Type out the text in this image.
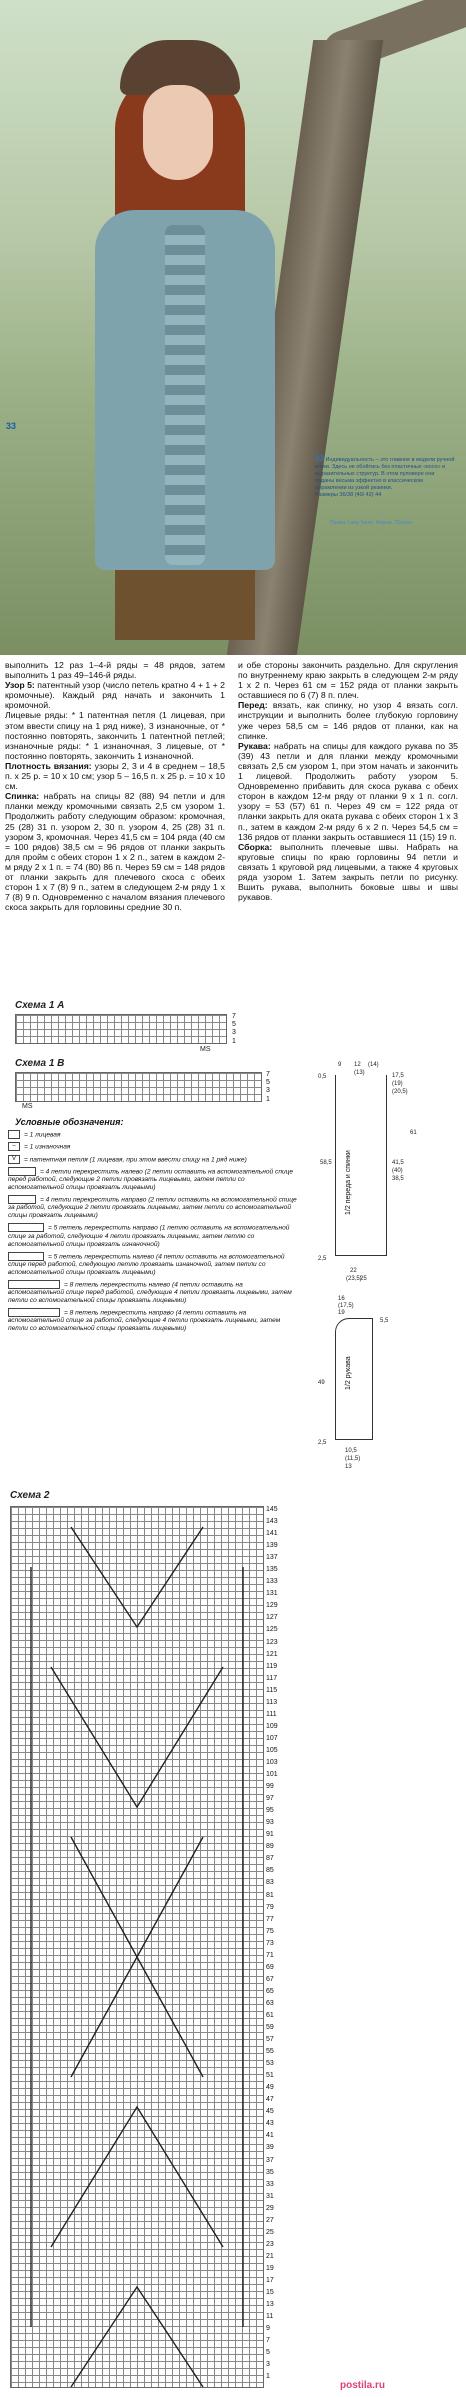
33
33 Индивидуальность – это главное в модели ручной вязки. Здесь не обойтись без пластичных «косо» и выразительных структур. В этом пуловере они поданы весьма эффектно в классическом обрамлении из узкой резинки.
Размеры 36/38 (40/ 42) 44
Пряжа: Lang Yarns. Фирма: 7Gross»

выполнить 12 раз 1–4-й ряды = 48 рядов, затем выполнить 1 раз 49–146-й ряды.

Узор 5: патентный узор (число петель кратно 4 + 1 + 2 кромочные). Каждый ряд начать и закончить 1 кромочной.

Лицевые ряды: * 1 патентная петля (1 лицевая, при этом ввести спицу на 1 ряд ниже), 3 изнаночные, от * постоянно повторять, закончить 1 патентной петлей; изнаночные ряды: * 1 изнаночная, 3 лицевые, от * постоянно повторять, закончить 1 изнаночной.

Плотность вязания: узоры 2, 3 и 4 в среднем – 18,5 п. х 25 р. = 10 х 10 см; узор 5 – 16,5 п. х 25 р. = 10 х 10 см.

Спинка: набрать на спицы 82 (88) 94 петли и для планки между кромочными связать 2,5 см узором 1. Продолжить работу следующим образом: кромочная, 25 (28) 31 п. узором 2, 30 п. узором 4, 25 (28) 31 п. узором 3, кромочная. Через 41,5 см = 104 ряда (40 см = 100 рядов) 38,5 см = 96 рядов от планки закрыть для пройм с обеих сторон 1 х 2 п., затем в каждом 2-м ряду 2 х 1 п. = 74 (80) 86 п. Через 59 см = 148 рядов от планки закрыть для плечевого скоса с обеих сторон 1 х 7 (8) 9 п., затем в следующем 2-м ряду 1 х 7 (8) 9 п. Одновременно с началом вязания плечевого скоса закрыть для горловины средние 30 п.

и обе стороны закончить раздельно. Для скругления по внутреннему краю закрыть в следующем 2-м ряду 1 х 2 п. Через 61 см = 152 ряда от планки закрыть оставшиеся по 6 (7) 8 п. плеч.

Перед: вязать, как спинку, но узор 4 вязать согл. инструкции и выполнить более глубокую горловину уже через 58,5 см = 146 рядов от планки, как на спинке.

Рукава: набрать на спицы для каждого рукава по 35 (39) 43 петли и для планки между кромочными связать 2,5 см узором 1, при этом начать и закончить 1 лицевой. Продолжить работу узором 5. Одновременно прибавить для скоса рукава с обеих сторон в каждом 12-м ряду от планки 9 х 1 п. согл. узору = 53 (57) 61 п. Через 49 см = 122 ряда от планки закрыть для оката рукава с обеих сторон 1 х 3 п., затем в каждом 2-м ряду 6 х 2 п. Через 54,5 см = 136 рядов от планки закрыть оставшиеся 11 (15) 19 п.

Сборка: выполнить плечевые швы. Набрать на круговые спицы по краю горловины 94 петли и связать 1 круговой ряд лицевыми, а также 4 круговых ряда узором 1. Затем закрыть петли по рисунку. Вшить рукава, выполнить боковые швы и швы рукавов.

Схема 1 A
7
5
3
1
MS
Схема 1 B
7
5
3
1
MS
Условные обозначения:
= 1 лицевая
– = 1 изнаночная
V = патентная петля (1 лицевая, при этом ввести спицу на 1 ряд ниже)
= 4 петли перекрестить налево (2 петли оставить на вспомогательной спице перед работой, следующие 2 петли провязать лицевыми, затем петли со вспомогательной спицы провязать лицевыми)
= 4 петли перекрестить направо (2 петли оставить на вспомогательной спице за работой, следующие 2 петли провязать лицевыми, затем петли со вспомогательной спицы провязать лицевыми)
= 5 петель перекрестить направо (1 петлю оставить на вспомогательной спице за работой, следующие 4 петли провязать лицевыми, затем петлю со вспомогательной спицы провязать изнаночной)
= 5 петель перекрестить налево (4 петли оставить на вспомогательной спице перед работой, следующую петлю провязать изнаночной, затем петли со вспомогательной спицы провязать лицевыми)
= 8 петель перекрестить налево (4 петли оставить на вспомогательной спице перед работой, следующие 4 петли провязать лицевыми, затем петли со вспомогательной спицы провязать лицевыми)
= 8 петель перекрестить направо (4 петли оставить на вспомогательной спице за работой, следующие 4 петли провязать лицевыми, затем петли со вспомогательной спицы провязать лицевыми)
1/2 переда и спинки
9 12
(13)
(14)
17,5
(19)
(20,5)
58,5	41,5
(40)
38,5
2,5
22
(23,5)
25
0,5
61
1/2 рукава
16
(17,5)
19
5,5
49
2,5
10,5
(11,5)
13
Схема 2
145
143
141
139
137
135
133
131
129
127
125
123
121
119
117
115
113
111
109
107
105
103
101
99
97
95
93
91
89
87
85
83
81
79
77
75
73
71
69
67
65
63
61
59
57
55
53
51
49
47
45
43
41
39
37
35
33
31
29
27
25
23
21
19
17
15
13
11
9
7
5
3
1
postila.ru
